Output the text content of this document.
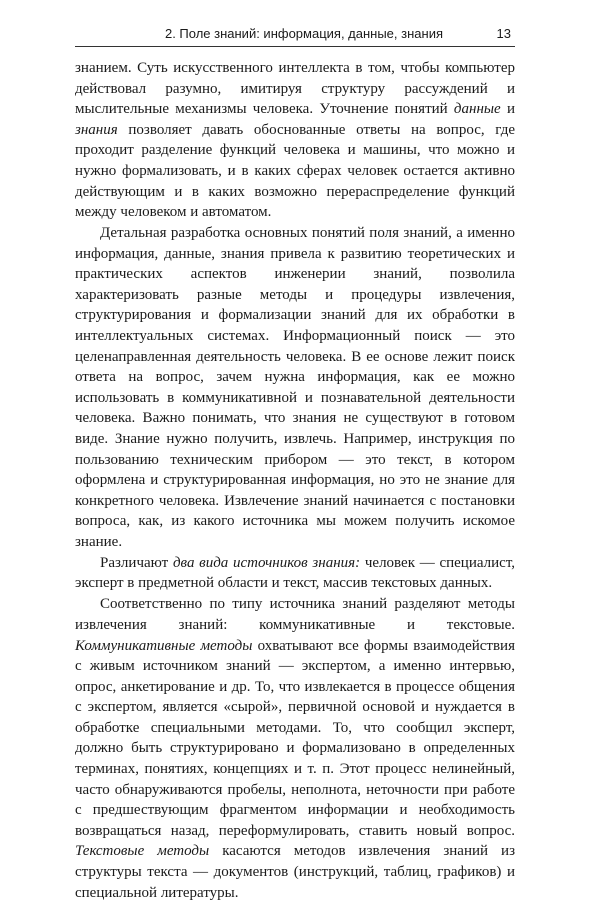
2. Поле знаний: информация, данные, знания	13

знанием. Суть искусственного интеллекта в том, чтобы компьютер действовал разумно, имитируя структуру рассуждений и мыслительные механизмы человека. Уточнение понятий данные и знания позволяет давать обоснованные ответы на вопрос, где проходит разделение функций человека и машины, что можно и нужно формализовать, и в каких сферах человек остается активно действующим и в каких возможно перераспределение функций между человеком и автоматом.

Детальная разработка основных понятий поля знаний, а именно информация, данные, знания привела к развитию теоретических и практических аспектов инженерии знаний, позволила характеризовать разные методы и процедуры извлечения, структурирования и формализации знаний для их обработки в интеллектуальных системах. Информационный поиск — это целенаправленная деятельность человека. В ее основе лежит поиск ответа на вопрос, зачем нужна информация, как ее можно использовать в коммуникативной и познавательной деятельности человека. Важно понимать, что знания не существуют в готовом виде. Знание нужно получить, извлечь. Например, инструкция по пользованию техническим прибором — это текст, в котором оформлена и структурированная информация, но это не знание для конкретного человека. Извлечение знаний начинается с постановки вопроса, как, из какого источника мы можем получить искомое знание.

Различают два вида источников знания: человек — специалист, эксперт в предметной области и текст, массив текстовых данных.

Соответственно по типу источника знаний разделяют методы извлечения знаний: коммуникативные и текстовые. Коммуникативные методы охватывают все формы взаимодействия с живым источником знаний — экспертом, а именно интервью, опрос, анкетирование и др. То, что извлекается в процессе общения с экспертом, является «сырой», первичной основой и нуждается в обработке специальными методами. То, что сообщил эксперт, должно быть структурировано и формализовано в определенных терминах, понятиях, концепциях и т. п. Этот процесс нелинейный, часто обнаруживаются пробелы, неполнота, неточности при работе с предшествующим фрагментом информации и необходимость возвращаться назад, переформулировать, ставить новый вопрос. Текстовые методы касаются методов извлечения знаний из структуры текста — документов (инструкций, таблиц, графиков) и специальной литературы.
